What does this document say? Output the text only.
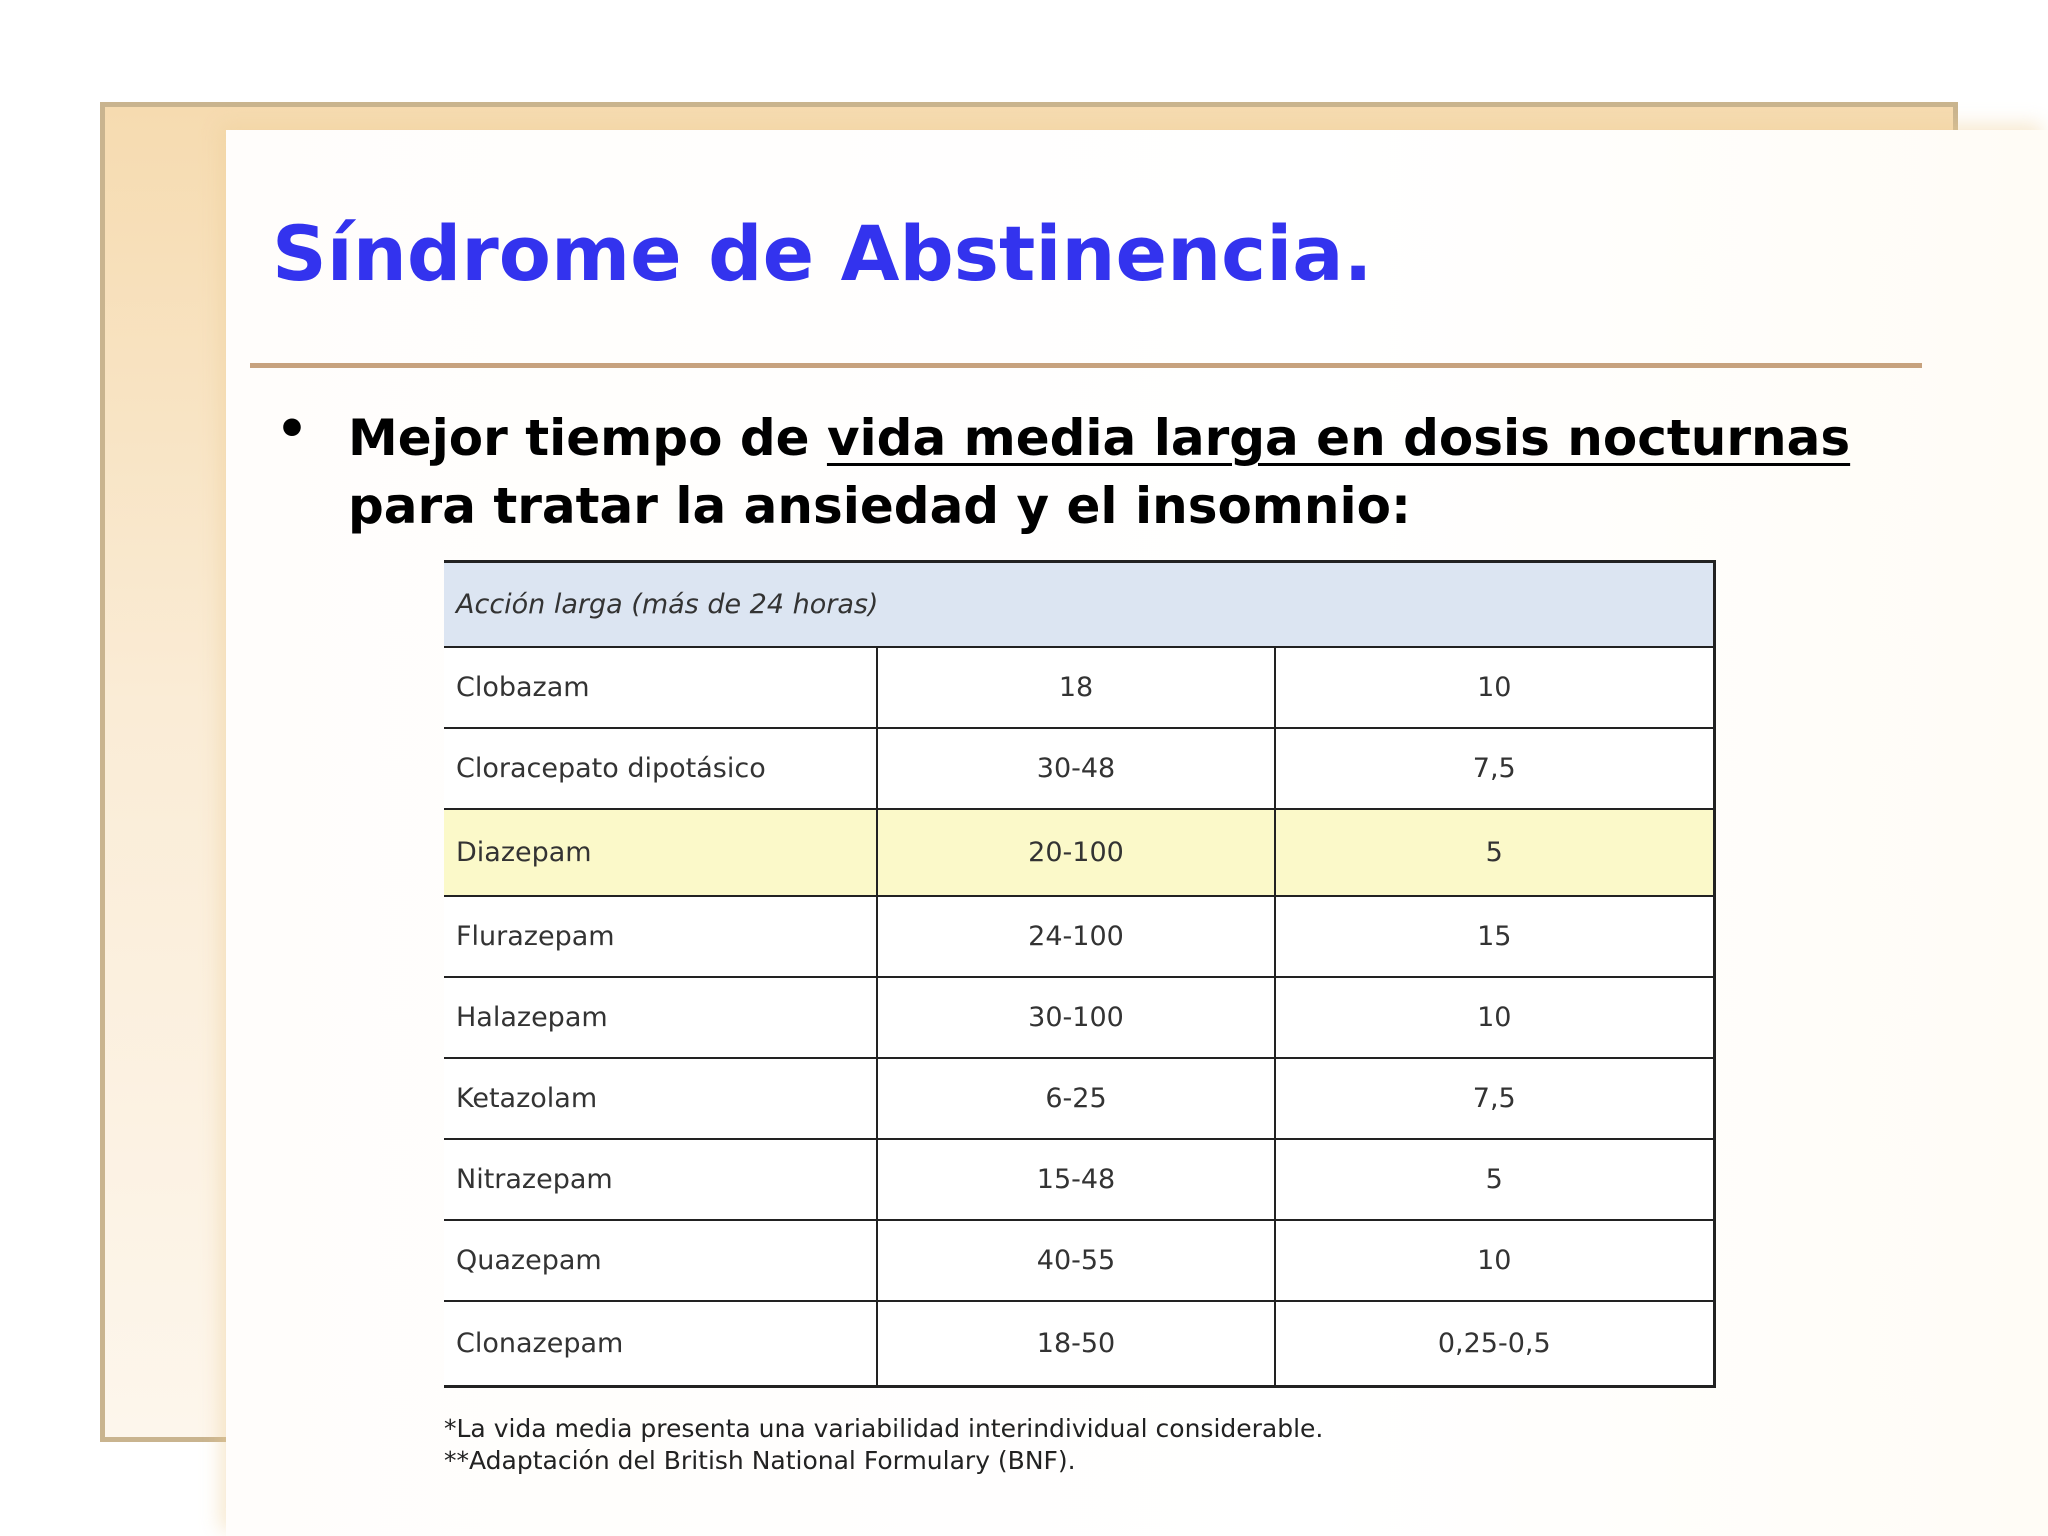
Síndrome de Abstinencia.
• Mejor tiempo de vida media larga en dosis nocturnas para tratar la ansiedad y el insomnio:

Acción larga (más de 24 horas)		
Clobazam	18	10
Cloracepato dipotásico	30-48	7,5
Diazepam	20-100	5
Flurazepam	24-100	15
Halazepam	30-100	10
Ketazolam	6-25	7,5
Nitrazepam	15-48	5
Quazepam	40-55	10
Clonazepam	18-50	0,25-0,5
*La vida media presenta una variabilidad interindividual considerable.
**Adaptación del British National Formulary (BNF).
